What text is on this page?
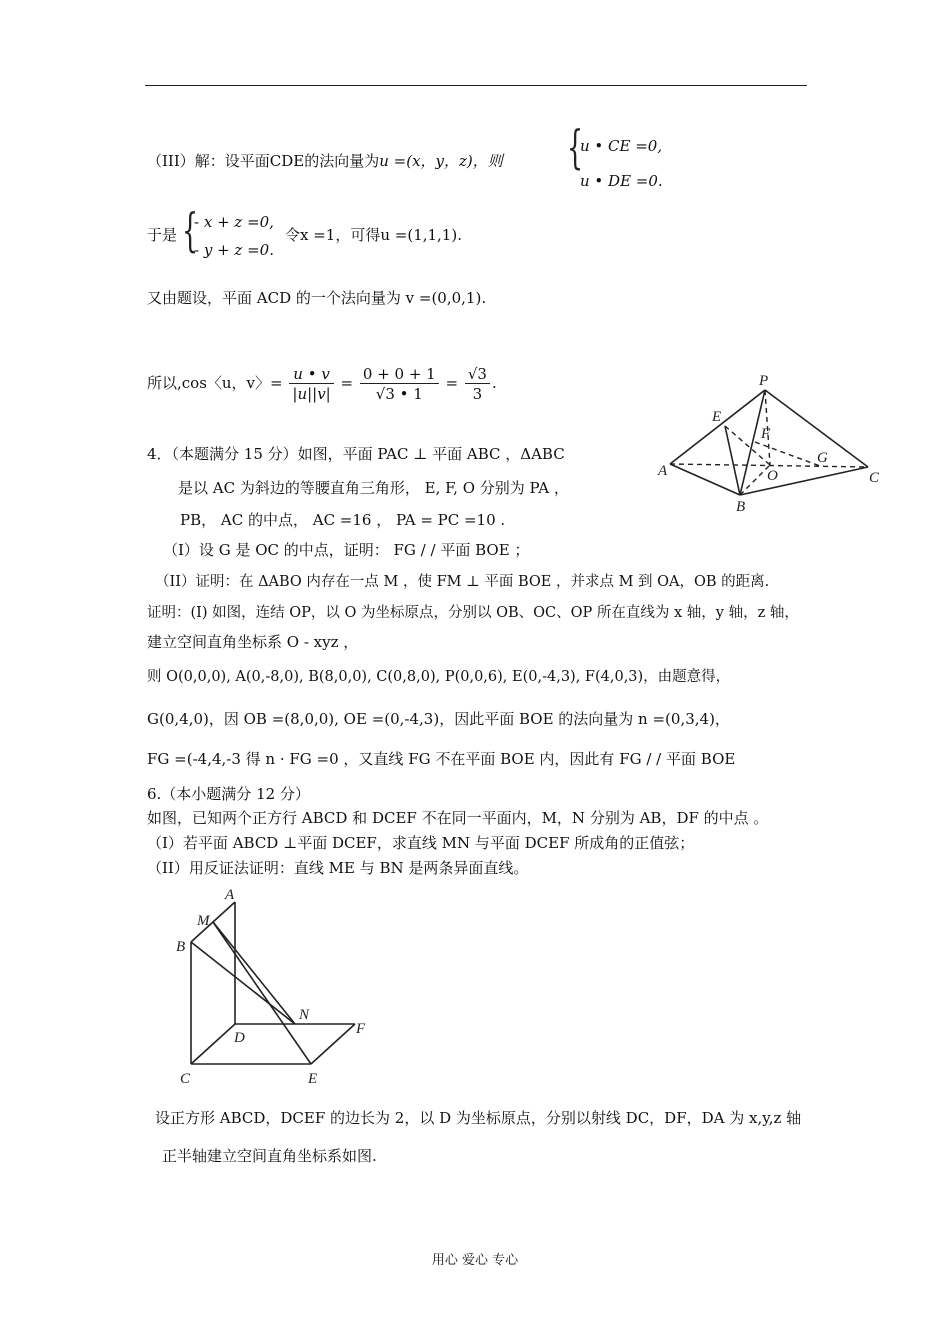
（III）解：设平面CDE的法向量为u =(x，y，z)，则 {
u • CE =0,
u • DE =0.
于是 {
- x + z =0,
- y + z =0.
令x =1，可得u =(1,1,1).
又由题设，平面 ACD 的一个法向量为 v =(0,0,1).
所以,cos〈u，v〉= $\frac{u • v}{|u||v|} = \frac{0 + 0 + 1}{√3 • 1} = \frac{√3}{3}$ .	P
E
F
A	O
G
C
B
4．（本题满分 15 分）如图，平面 PAC ⊥ 平面 ABC ，ΔABC
是以 AC 为斜边的等腰直角三角形， E, F, O 分别为 PA ，
PB， AC 的中点， AC =16 ， PA = PC =10 .
（I）设 G 是 OC 的中点，证明： FG / / 平面 BOE ；
（II）证明：在 ΔABO 内存在一点 M ，使 FM ⊥ 平面 BOE ，并求点 M 到 OA，OB 的距离.
证明：(I) 如图，连结 OP，以 O 为坐标原点，分别以 OB、OC、OP 所在直线为 x 轴，y 轴，z 轴，
建立空间直角坐标系 O - xyz ，
则 O(0,0,0), A(0,-8,0), B(8,0,0), C(0,8,0), P(0,0,6), E(0,-4,3), F(4,0,3)，由题意得，
G(0,4,0)，因 OB =(8,0,0), OE =(0,-4,3)，因此平面 BOE 的法向量为 n =(0,3,4)，
FG =(-4,4,-3 得 n · FG =0 ，又直线 FG 不在平面 BOE 内，因此有 FG / / 平面 BOE
6.（本小题满分 12 分）
如图，已知两个正方行 ABCD 和 DCEF 不在同一平面内，M，N 分别为 AB，DF 的中点 。
（I）若平面 ABCD ⊥平面 DCEF，求直线 MN 与平面 DCEF 所成角的正值弦；
（II）用反证法证明：直线 ME 与 BN 是两条异面直线。
A
M
B
N
F
D
C	E
设正方形 ABCD，DCEF 的边长为 2，以 D 为坐标原点，分别以射线 DC，DF，DA 为 x,y,z 轴
正半轴建立空间直角坐标系如图.
用心 爱心 专心
